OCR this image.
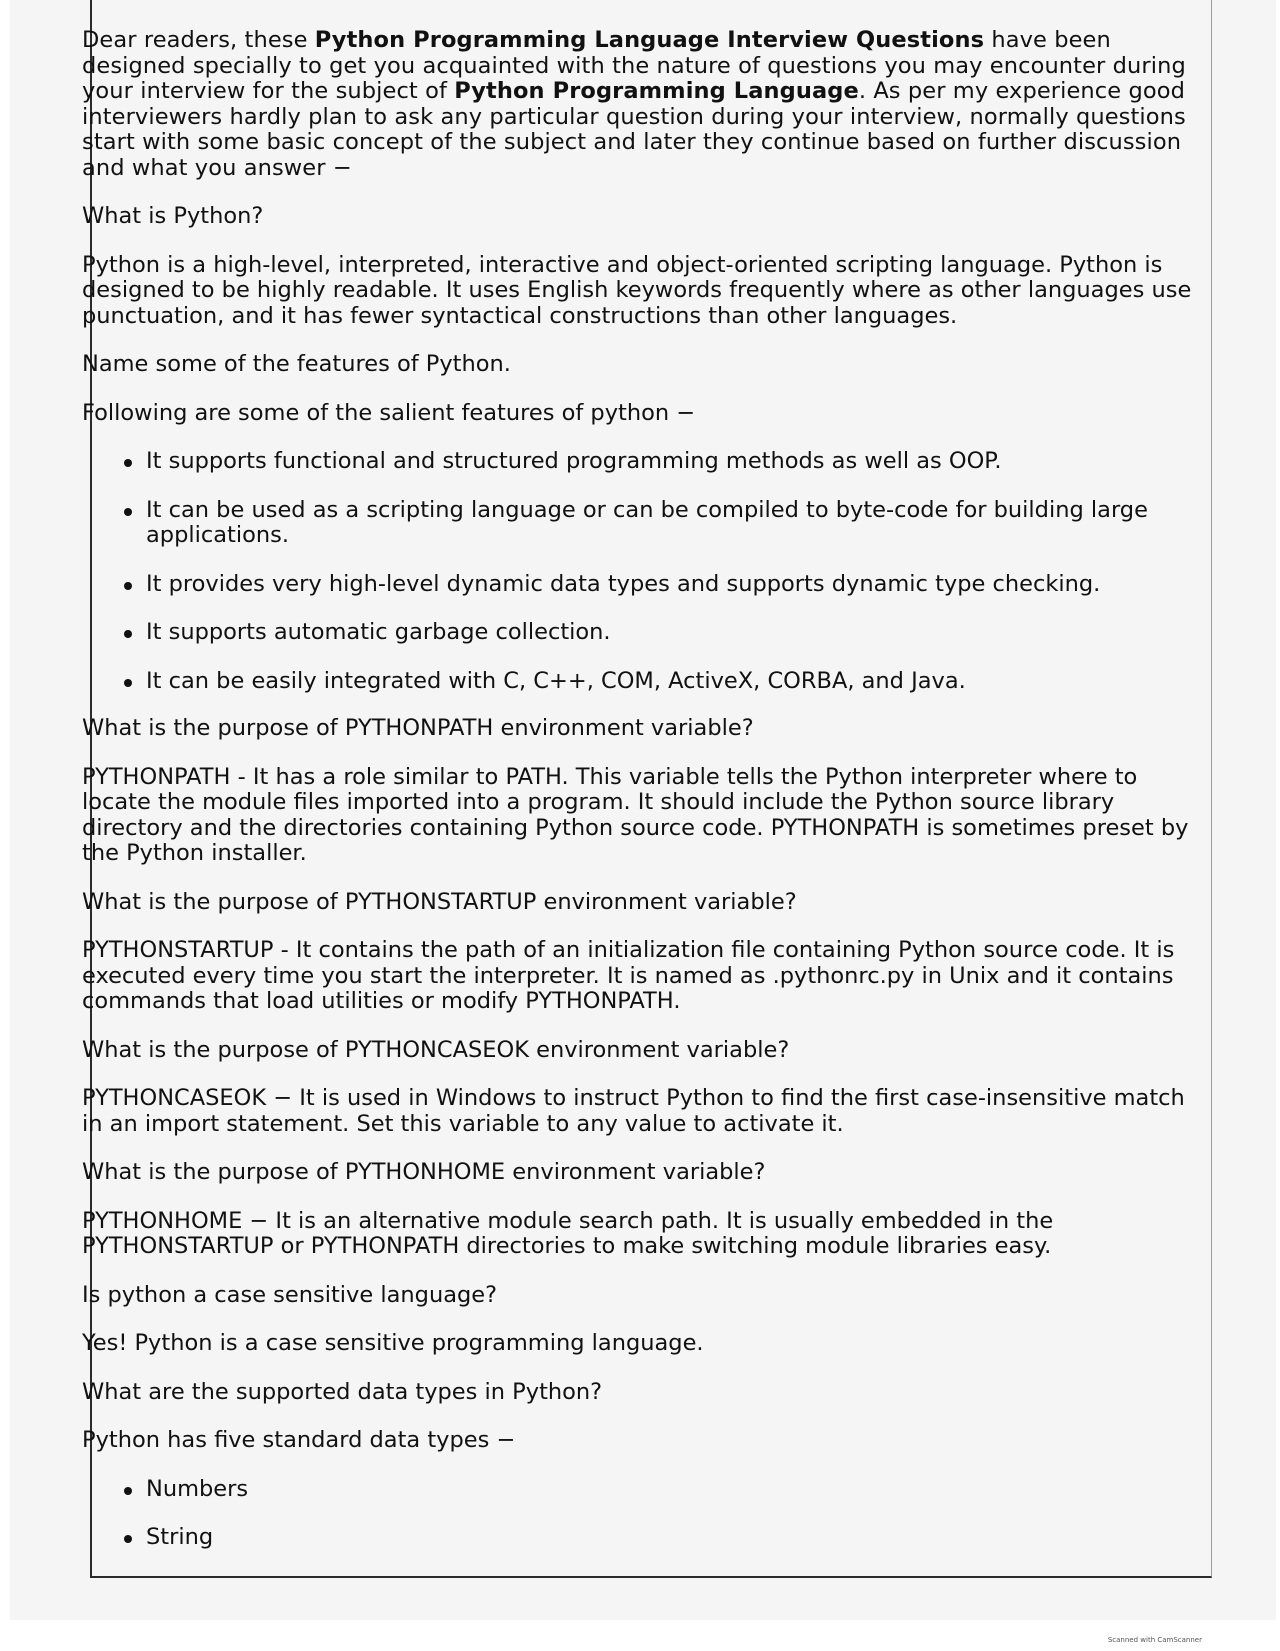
Dear readers, these Python Programming Language Interview Questions have been designed specially to get you acquainted with the nature of questions you may encounter during your interview for the subject of Python Programming Language. As per my experience good interviewers hardly plan to ask any particular question during your interview, normally questions start with some basic concept of the subject and later they continue based on further discussion and what you answer −

What is Python?

Python is a high-level, interpreted, interactive and object-oriented scripting language. Python is designed to be highly readable. It uses English keywords frequently where as other languages use punctuation, and it has fewer syntactical constructions than other languages.

Name some of the features of Python.

Following are some of the salient features of python −

It supports functional and structured programming methods as well as OOP.
It can be used as a scripting language or can be compiled to byte-code for building large applications.
It provides very high-level dynamic data types and supports dynamic type checking.
It supports automatic garbage collection.
It can be easily integrated with C, C++, COM, ActiveX, CORBA, and Java.

What is the purpose of PYTHONPATH environment variable?

PYTHONPATH - It has a role similar to PATH. This variable tells the Python interpreter where to locate the module files imported into a program. It should include the Python source library directory and the directories containing Python source code. PYTHONPATH is sometimes preset by the Python installer.

What is the purpose of PYTHONSTARTUP environment variable?

PYTHONSTARTUP - It contains the path of an initialization file containing Python source code. It is executed every time you start the interpreter. It is named as .pythonrc.py in Unix and it contains commands that load utilities or modify PYTHONPATH.

What is the purpose of PYTHONCASEOK environment variable?

PYTHONCASEOK − It is used in Windows to instruct Python to find the first case-insensitive match in an import statement. Set this variable to any value to activate it.

What is the purpose of PYTHONHOME environment variable?

PYTHONHOME − It is an alternative module search path. It is usually embedded in the PYTHONSTARTUP or PYTHONPATH directories to make switching module libraries easy.

Is python a case sensitive language?

Yes! Python is a case sensitive programming language.

What are the supported data types in Python?

Python has five standard data types −

Numbers
String
Scanned with CamScanner
